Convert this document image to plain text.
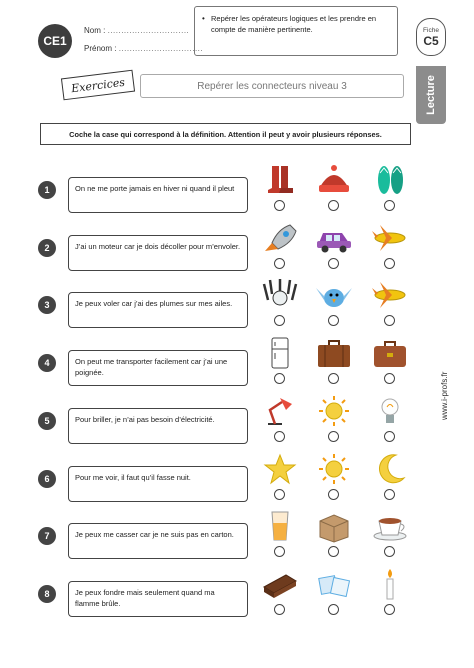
CE1
Nom : ..............................
Prénom : ...............................
• Repérer les opérateurs logiques et les prendre en compte de manière pertinente.	Fiche
C5
Lecture
Exercices	Repérer les connecteurs niveau 3
Coche la case qui correspond à la définition. Attention il peut y avoir plusieurs réponses.
www.i-profs.fr
1	On ne me porte jamais en hiver ni quand il pleut
2	J’ai un moteur car je dois décoller pour m’envoler.
3	Je peux voler car j’ai des plumes sur mes ailes.
4	On peut me transporter facilement car j’ai une poignée.
5	Pour briller, je n’ai pas besoin d’électricité.
6	Pour me voir, il faut qu’il fasse nuit.
7	Je peux me casser car je ne suis pas en carton.
8	Je peux fondre mais seulement quand ma flamme brûle.
